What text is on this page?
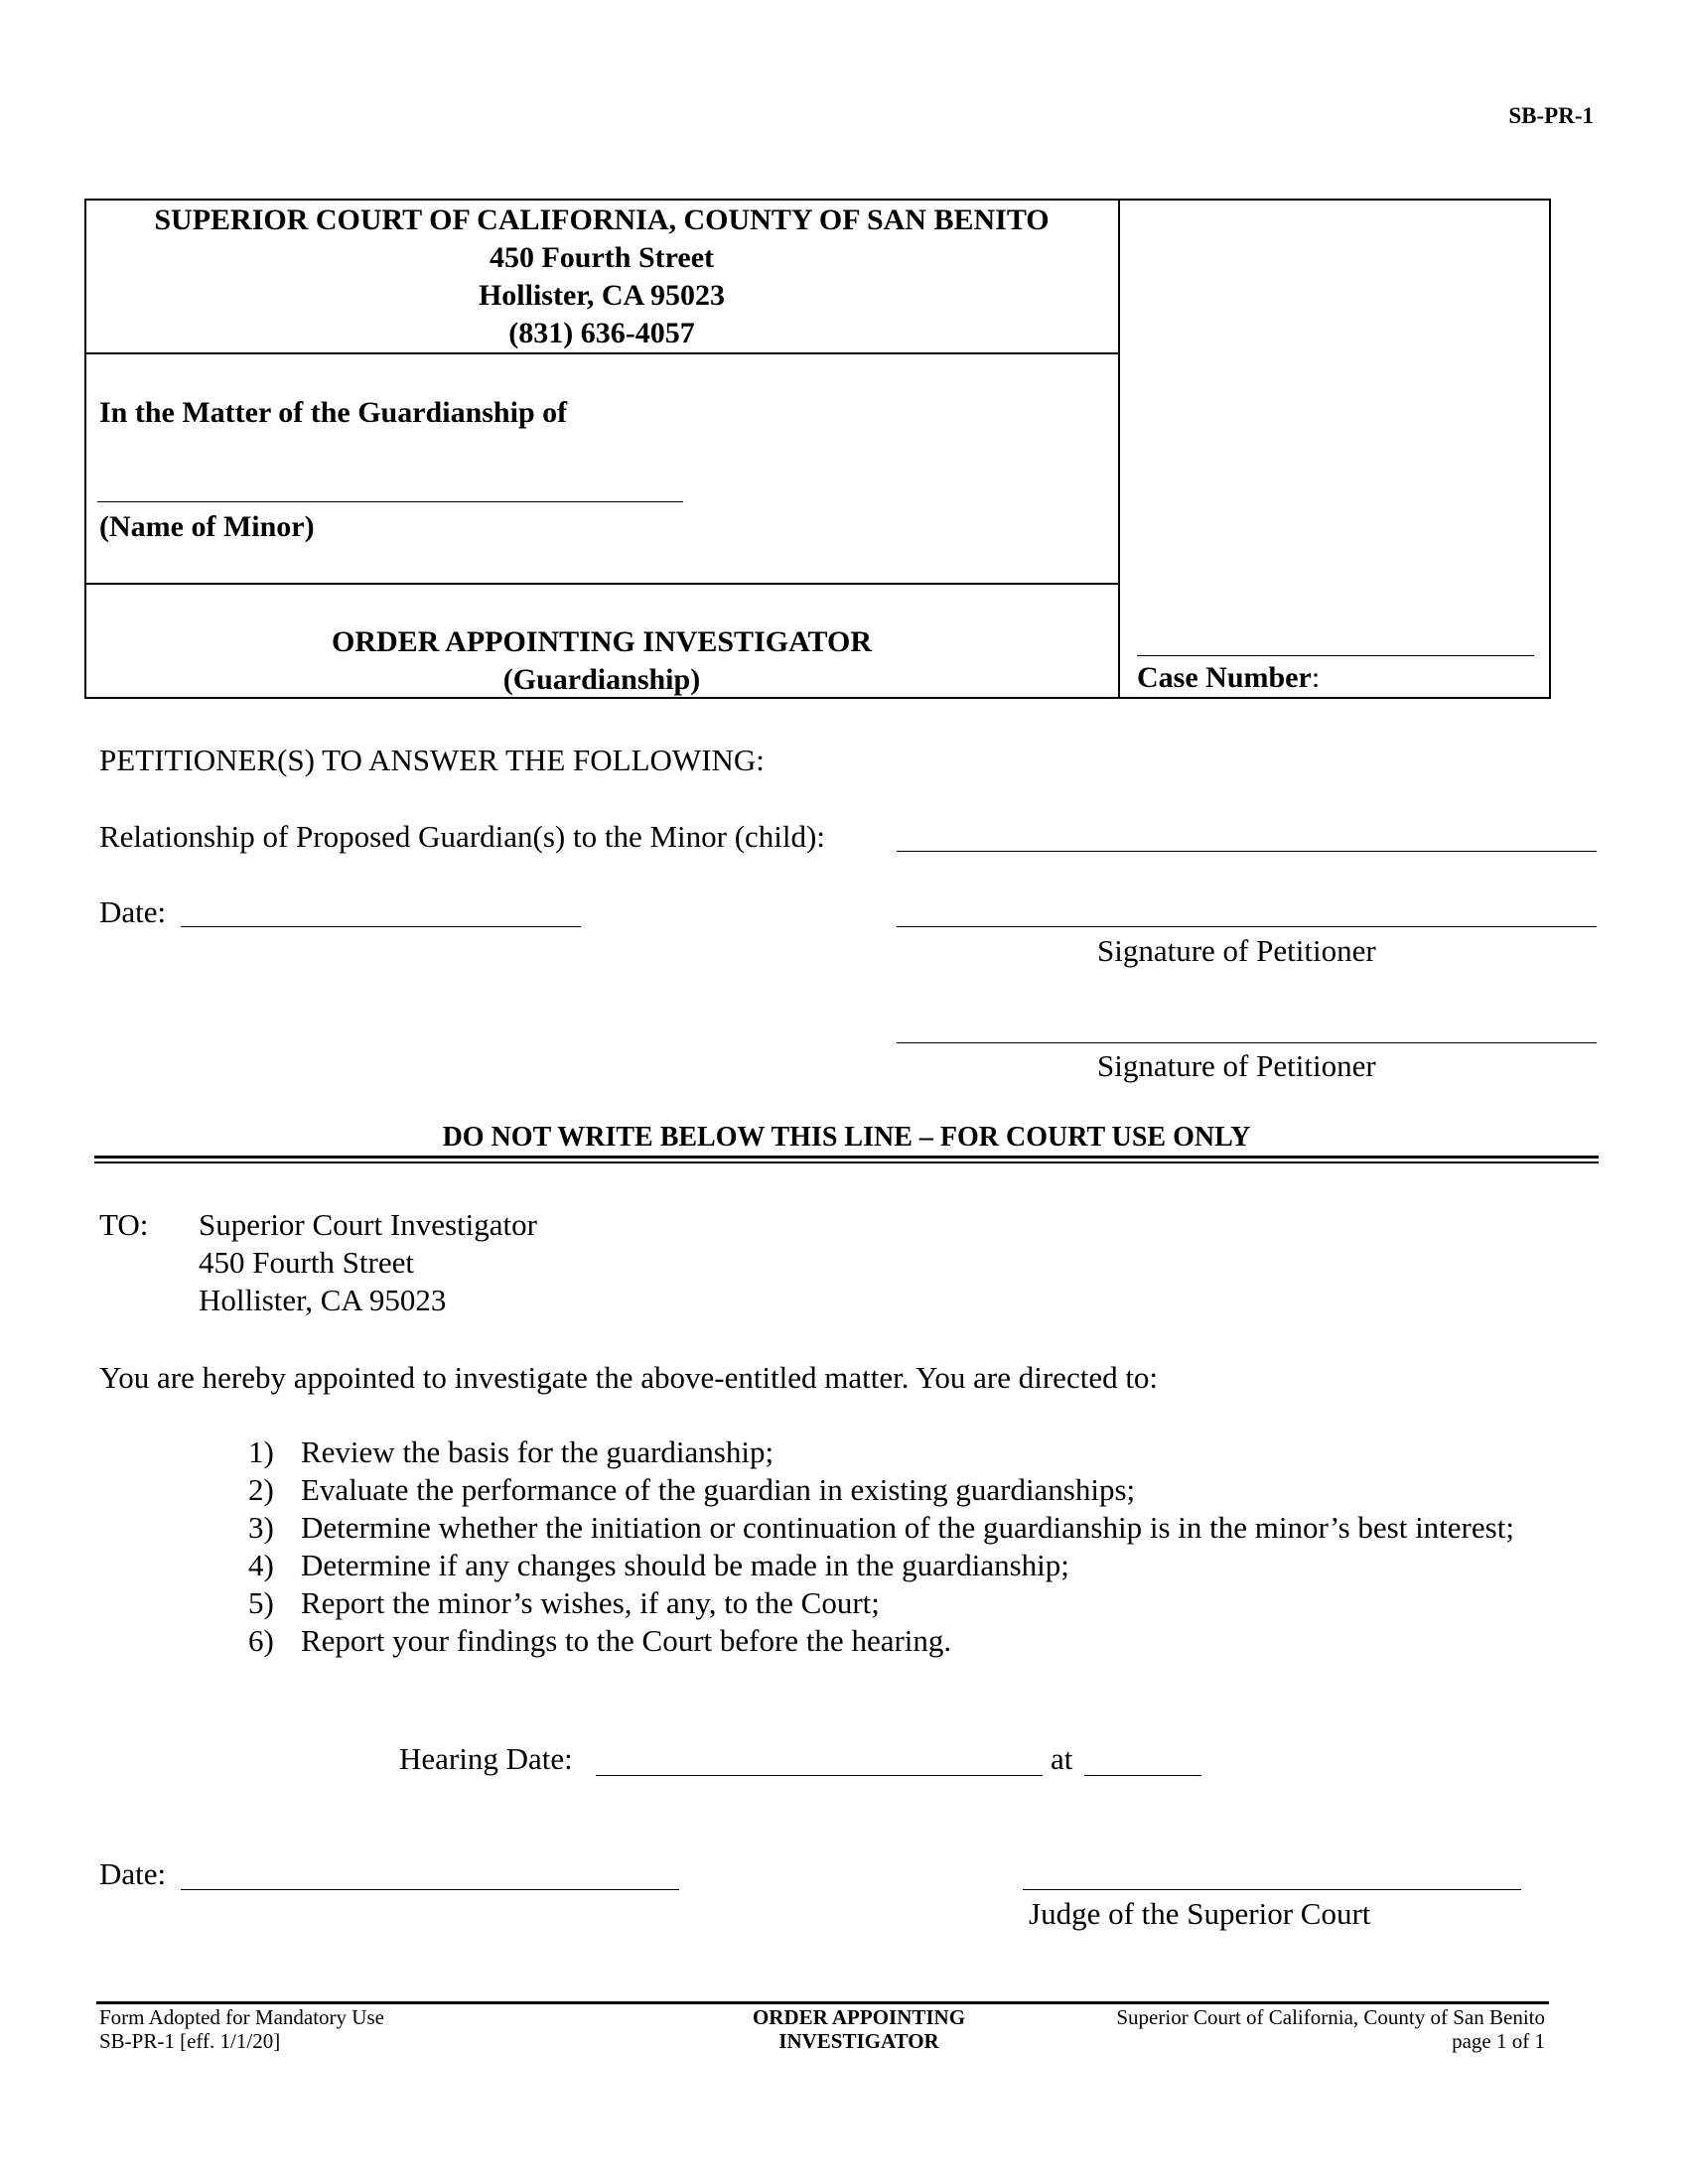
SB-PR-1
SUPERIOR COURT OF CALIFORNIA, COUNTY OF SAN BENITO
450 Fourth Street
Hollister, CA 95023
(831) 636-4057
In the Matter of the Guardianship of
(Name of Minor)
ORDER APPOINTING INVESTIGATOR
(Guardianship)	Case Number:
PETITIONER(S) TO ANSWER THE FOLLOWING:
Relationship of Proposed Guardian(s) to the Minor (child):
Date:
Signature of Petitioner
Signature of Petitioner
DO NOT WRITE BELOW THIS LINE – FOR COURT USE ONLY
TO: Superior Court Investigator
450 Fourth Street
Hollister, CA 95023
You are hereby appointed to investigate the above-entitled matter. You are directed to:
1) Review the basis for the guardianship;
2) Evaluate the performance of the guardian in existing guardianships;
3) Determine whether the initiation or continuation of the guardianship is in the minor’s best interest;
4) Determine if any changes should be made in the guardianship;
5) Report the minor’s wishes, if any, to the Court;
6) Report your findings to the Court before the hearing.
Hearing Date:	at
Date:
Judge of the Superior Court
Form Adopted for Mandatory Use
SB-PR-1 [eff. 1/1/20]
ORDER APPOINTING
INVESTIGATOR
Superior Court of California, County of San Benito
page 1 of 1
